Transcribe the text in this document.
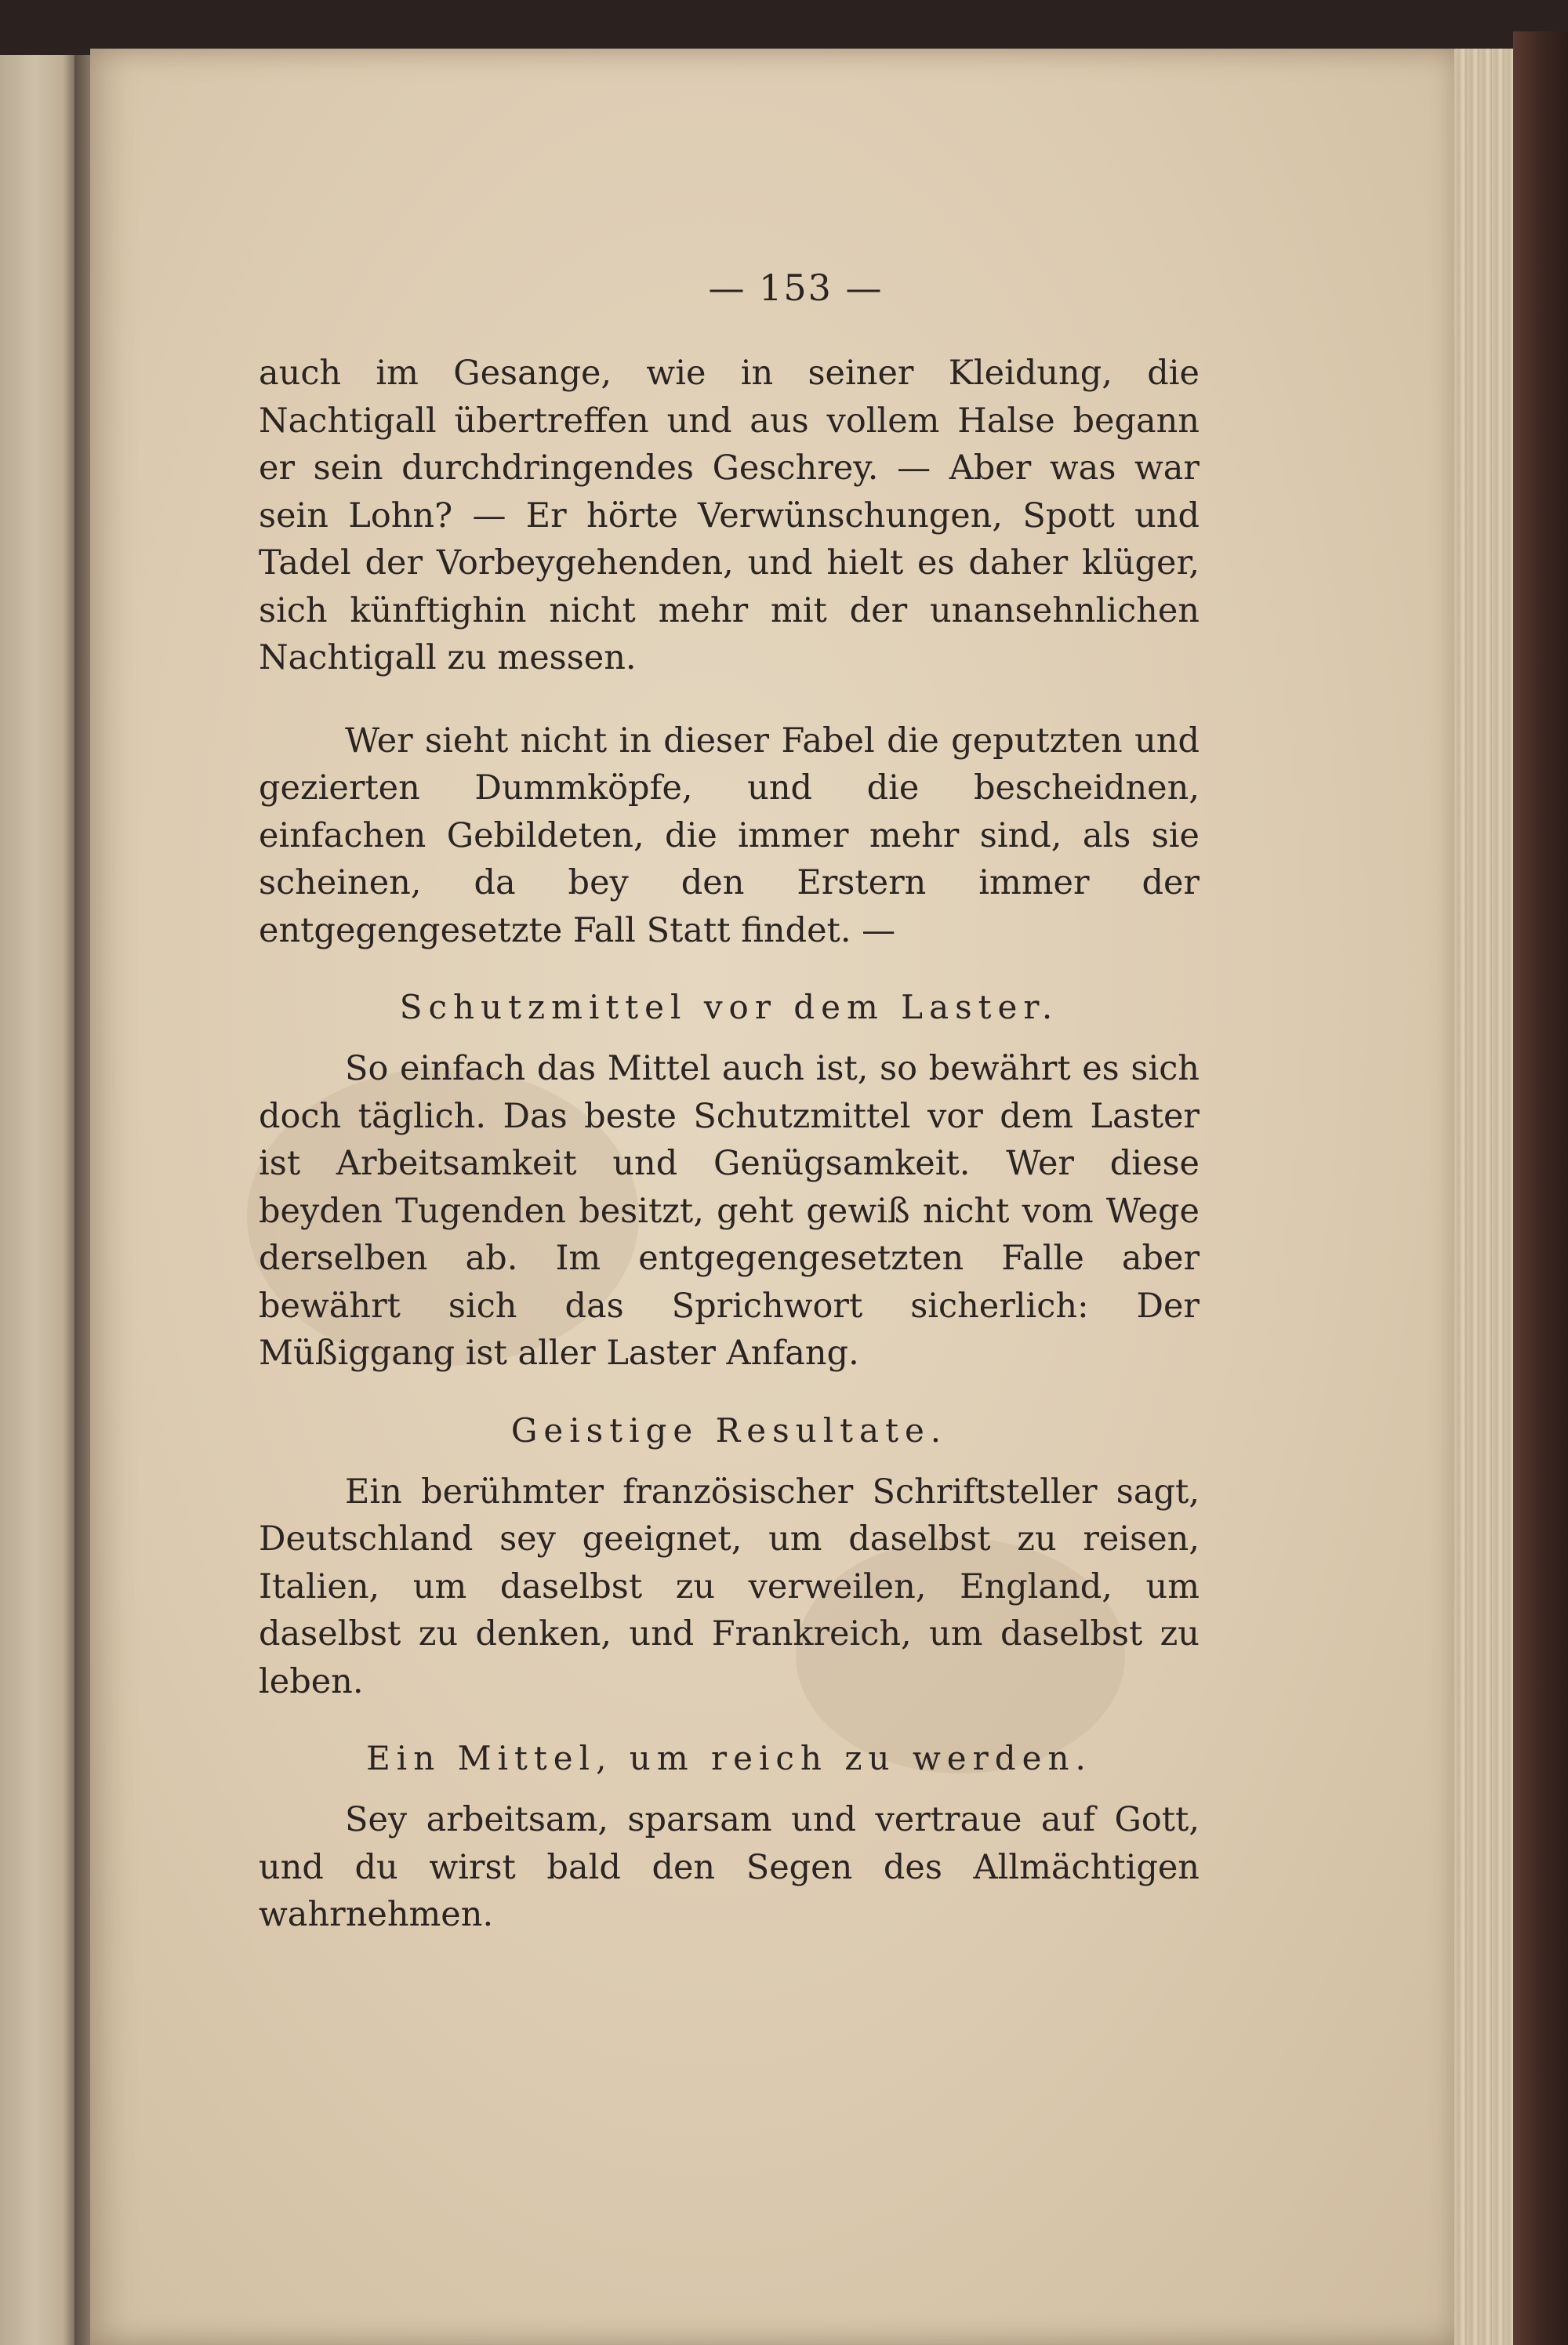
— 153 —

auch im Gesange, wie in seiner Kleidung, die Nachtigall übertreffen und aus vollem Halse begann er sein durchdringendes Geschrey. — Aber was war sein Lohn? — Er hörte Verwünschungen, Spott und Tadel der Vorbeygehenden, und hielt es daher klüger, sich künftighin nicht mehr mit der unansehnlichen Nachtigall zu messen.

Wer sieht nicht in dieser Fabel die geputzten und gezierten Dummköpfe, und die bescheidnen, einfachen Gebildeten, die immer mehr sind, als sie scheinen, da bey den Erstern immer der entgegengesetzte Fall Statt findet. —

Schutzmittel vor dem Laster.

So einfach das Mittel auch ist, so bewährt es sich doch täglich. Das beste Schutzmittel vor dem Laster ist Arbeitsamkeit und Genügsamkeit. Wer diese beyden Tugenden besitzt, geht gewiß nicht vom Wege derselben ab. Im entgegengesetzten Falle aber bewährt sich das Sprichwort sicherlich: Der Müßiggang ist aller Laster Anfang.

Geistige Resultate.

Ein berühmter französischer Schriftsteller sagt, Deutschland sey geeignet, um daselbst zu reisen, Italien, um daselbst zu verweilen, England, um daselbst zu denken, und Frankreich, um daselbst zu leben.

Ein Mittel, um reich zu werden.

Sey arbeitsam, sparsam und vertraue auf Gott, und du wirst bald den Segen des Allmächtigen wahrnehmen.
